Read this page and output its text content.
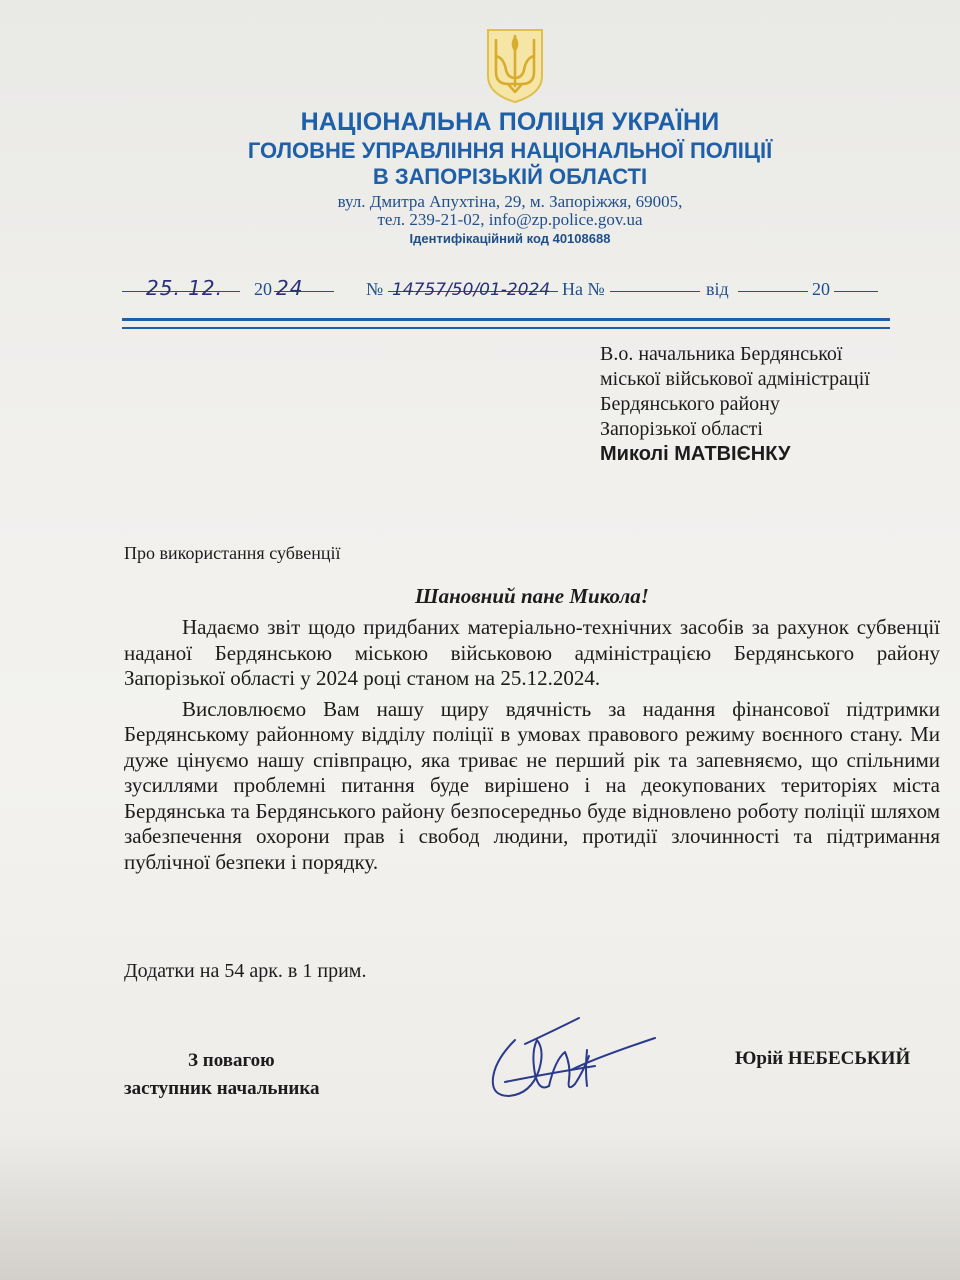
НАЦІОНАЛЬНА ПОЛІЦІЯ УКРАЇНИ
ГОЛОВНЕ УПРАВЛІННЯ НАЦІОНАЛЬНОЇ ПОЛІЦІЇ
В ЗАПОРІЗЬКІЙ ОБЛАСТІ
вул. Дмитра Апухтіна, 29, м. Запоріжжя, 69005,
тел. 239-21-02, info@zp.police.gov.ua
Ідентифікаційний код 40108688
25. 12. 20 24	№ 14757/50/01-2024 На №	від	20
В.о. начальника Бердянської
міської військової адміністрації
Бердянського району
Запорізької області
Миколі МАТВІЄНКУ
Про використання субвенції
Шановний пане Микола!

Надаємо звіт щодо придбаних матеріально-технічних засобів за рахунок субвенції наданої Бердянською міською військовою адміністрацією Бердянського району Запорізької області у 2024 році станом на 25.12.2024.

Висловлюємо Вам нашу щиру вдячність за надання фінансової підтримки Бердянському районному відділу поліції в умовах правового режиму воєнного стану. Ми дуже цінуємо нашу співпрацю, яка триває не перший рік та запевняємо, що спільними зусиллями проблемні питання буде вирішено і на деокупованих територіях міста Бердянська та Бердянського району безпосередньо буде відновлено роботу поліції шляхом забезпечення охорони прав і свобод людини, протидії злочинності та підтримання публічної безпеки і порядку.

Додатки на 54 арк. в 1 прим.
З повагою
заступник начальника
Юрій НЕБЕСЬКИЙ
